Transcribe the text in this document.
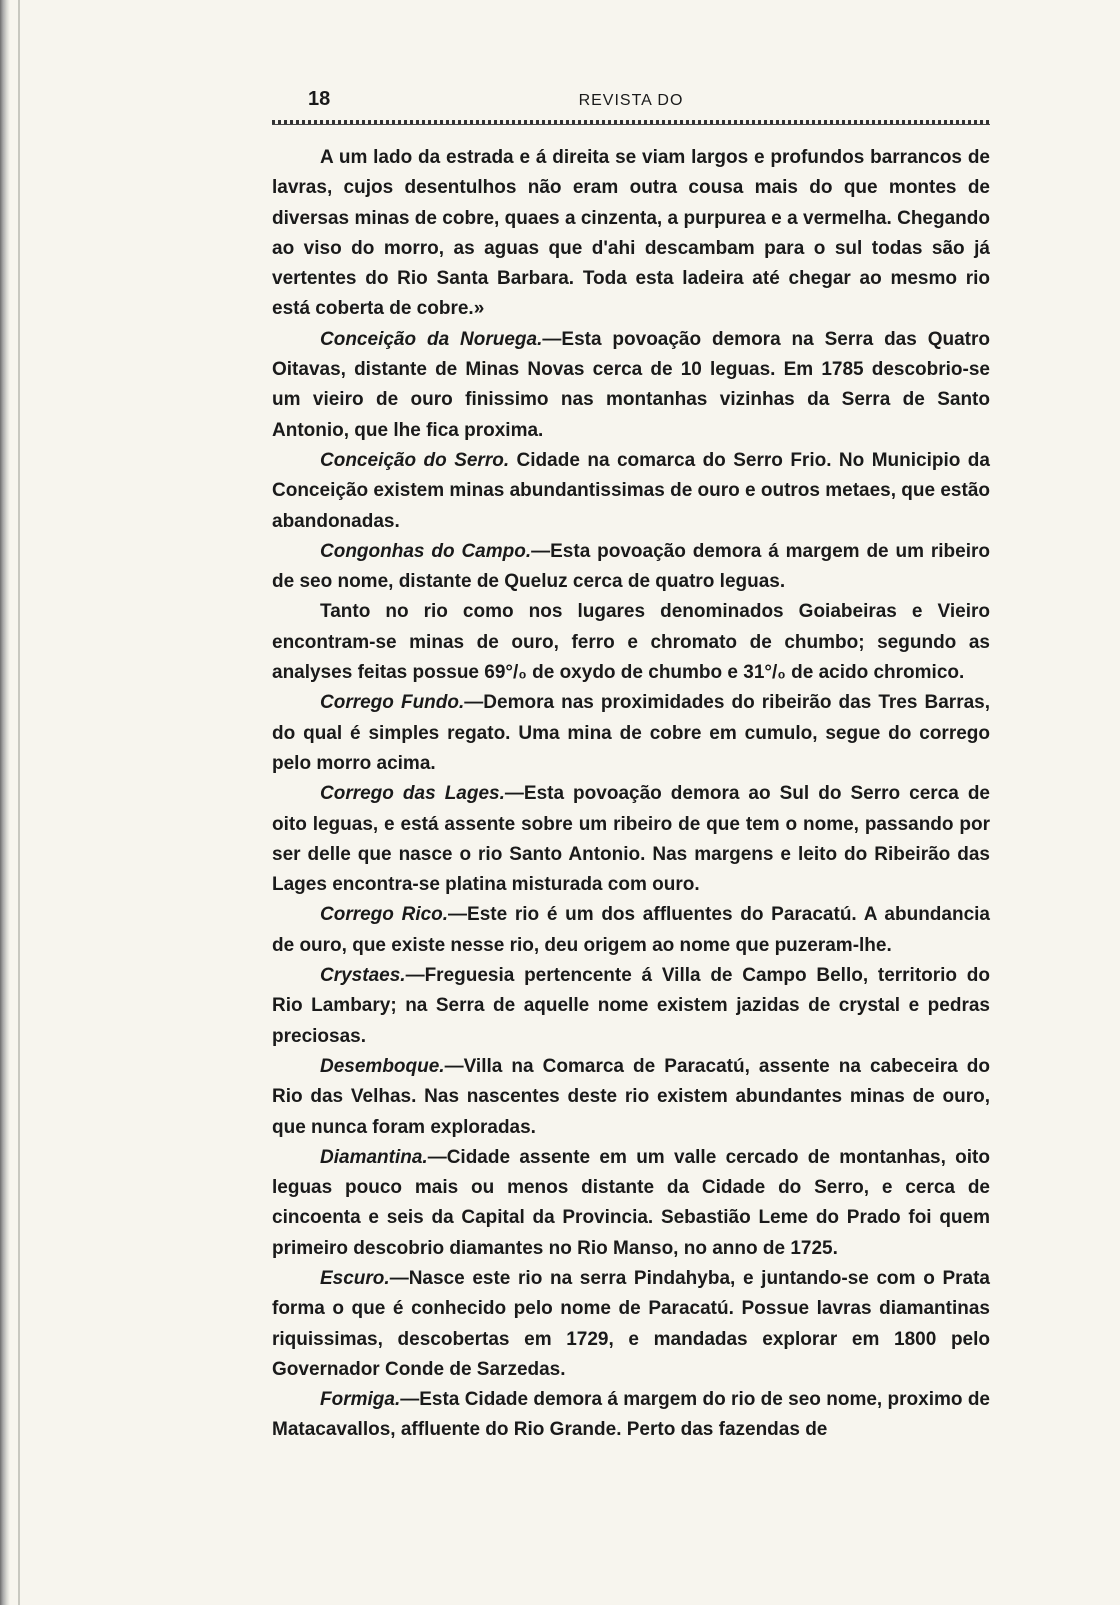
18	REVISTA DO

A um lado da estrada e á direita se viam largos e profundos barrancos de lavras, cujos desentulhos não eram outra cousa mais do que montes de diversas minas de cobre, quaes a cinzenta, a purpurea e a vermelha. Chegando ao viso do morro, as aguas que d'ahi descambam para o sul todas são já vertentes do Rio Santa Barbara. Toda esta ladeira até chegar ao mesmo rio está coberta de cobre.»

Conceição da Noruega.—Esta povoação demora na Serra das Quatro Oitavas, distante de Minas Novas cerca de 10 leguas. Em 1785 descobrio-se um vieiro de ouro finissimo nas montanhas vizinhas da Serra de Santo Antonio, que lhe fica proxima.

Conceição do Serro. Cidade na comarca do Serro Frio. No Municipio da Conceição existem minas abundantissimas de ouro e outros metaes, que estão abandonadas.

Congonhas do Campo.—Esta povoação demora á margem de um ribeiro de seo nome, distante de Queluz cerca de quatro leguas.

Tanto no rio como nos lugares denominados Goiabeiras e Vieiro encontram-se minas de ouro, ferro e chromato de chumbo; segundo as analyses feitas possue 69°/₀ de oxydo de chumbo e 31°/₀ de acido chromico.

Corrego Fundo.—Demora nas proximidades do ribeirão das Tres Barras, do qual é simples regato. Uma mina de cobre em cumulo, segue do corrego pelo morro acima.

Corrego das Lages.—Esta povoação demora ao Sul do Serro cerca de oito leguas, e está assente sobre um ribeiro de que tem o nome, passando por ser delle que nasce o rio Santo Antonio. Nas margens e leito do Ribeirão das Lages encontra-se platina misturada com ouro.

Corrego Rico.—Este rio é um dos affluentes do Paracatú. A abundancia de ouro, que existe nesse rio, deu origem ao nome que puzeram-lhe.

Crystaes.—Freguesia pertencente á Villa de Campo Bello, territorio do Rio Lambary; na Serra de aquelle nome existem jazidas de crystal e pedras preciosas.

Desemboque.—Villa na Comarca de Paracatú, assente na cabeceira do Rio das Velhas. Nas nascentes deste rio existem abundantes minas de ouro, que nunca foram exploradas.

Diamantina.—Cidade assente em um valle cercado de montanhas, oito leguas pouco mais ou menos distante da Cidade do Serro, e cerca de cincoenta e seis da Capital da Provincia. Sebastião Leme do Prado foi quem primeiro descobrio diamantes no Rio Manso, no anno de 1725.

Escuro.—Nasce este rio na serra Pindahyba, e juntando-se com o Prata forma o que é conhecido pelo nome de Paracatú. Possue lavras diamantinas riquissimas, descobertas em 1729, e mandadas explorar em 1800 pelo Governador Conde de Sarzedas.

Formiga.—Esta Cidade demora á margem do rio de seo nome, proximo de Matacavallos, affluente do Rio Grande. Perto das fazendas de
